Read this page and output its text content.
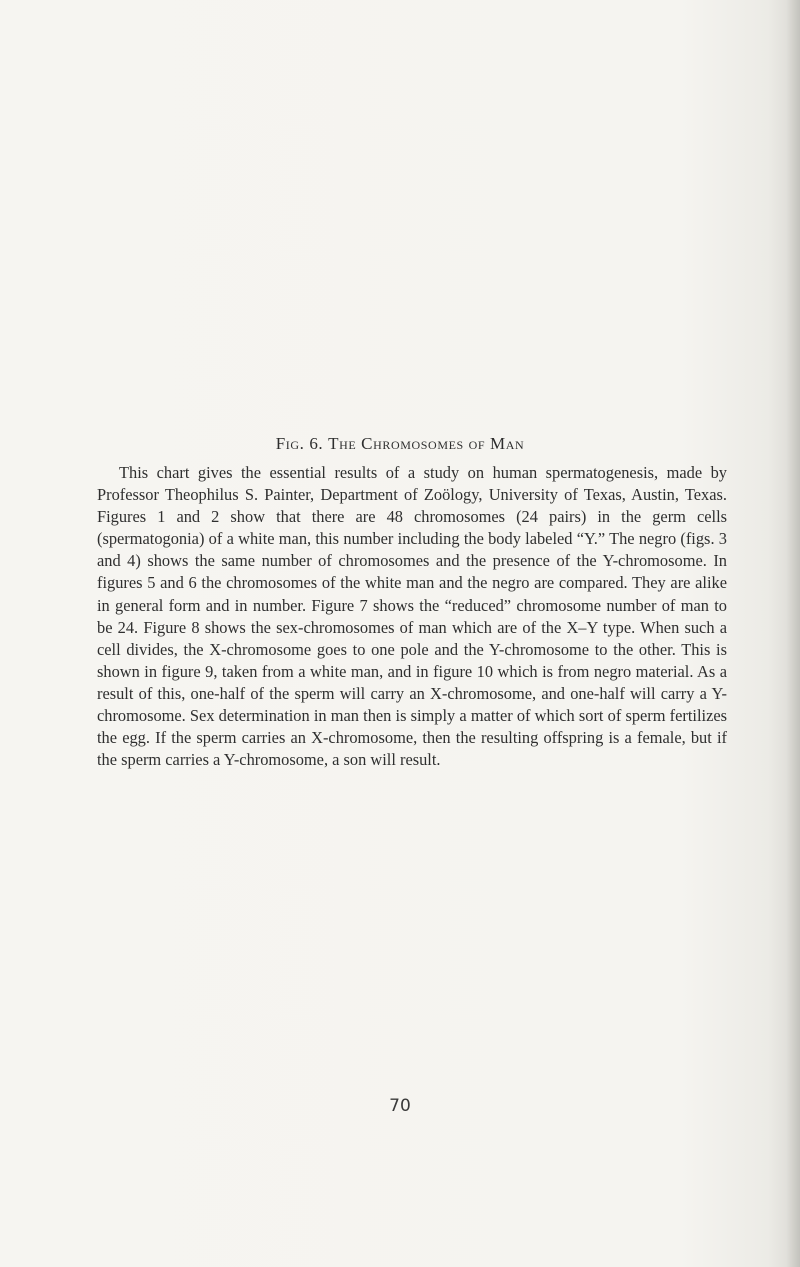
Fig. 6. The Chromosomes of Man

This chart gives the essential results of a study on human spermatogenesis, made by Professor Theophilus S. Painter, Department of Zoölogy, University of Texas, Austin, Texas. Figures 1 and 2 show that there are 48 chromosomes (24 pairs) in the germ cells (spermatogonia) of a white man, this number including the body labeled “Y.” The negro (figs. 3 and 4) shows the same number of chromosomes and the presence of the Y-chromosome. In figures 5 and 6 the chromosomes of the white man and the negro are compared. They are alike in general form and in number. Figure 7 shows the “reduced” chromosome number of man to be 24. Figure 8 shows the sex-chromosomes of man which are of the X–Y type. When such a cell divides, the X-chromosome goes to one pole and the Y-chromosome to the other. This is shown in figure 9, taken from a white man, and in figure 10 which is from negro material. As a result of this, one-half of the sperm will carry an X-chromosome, and one-half will carry a Y-chromosome. Sex determination in man then is simply a matter of which sort of sperm fertilizes the egg. If the sperm carries an X-chromosome, then the resulting offspring is a female, but if the sperm carries a Y-chromosome, a son will result.

70
